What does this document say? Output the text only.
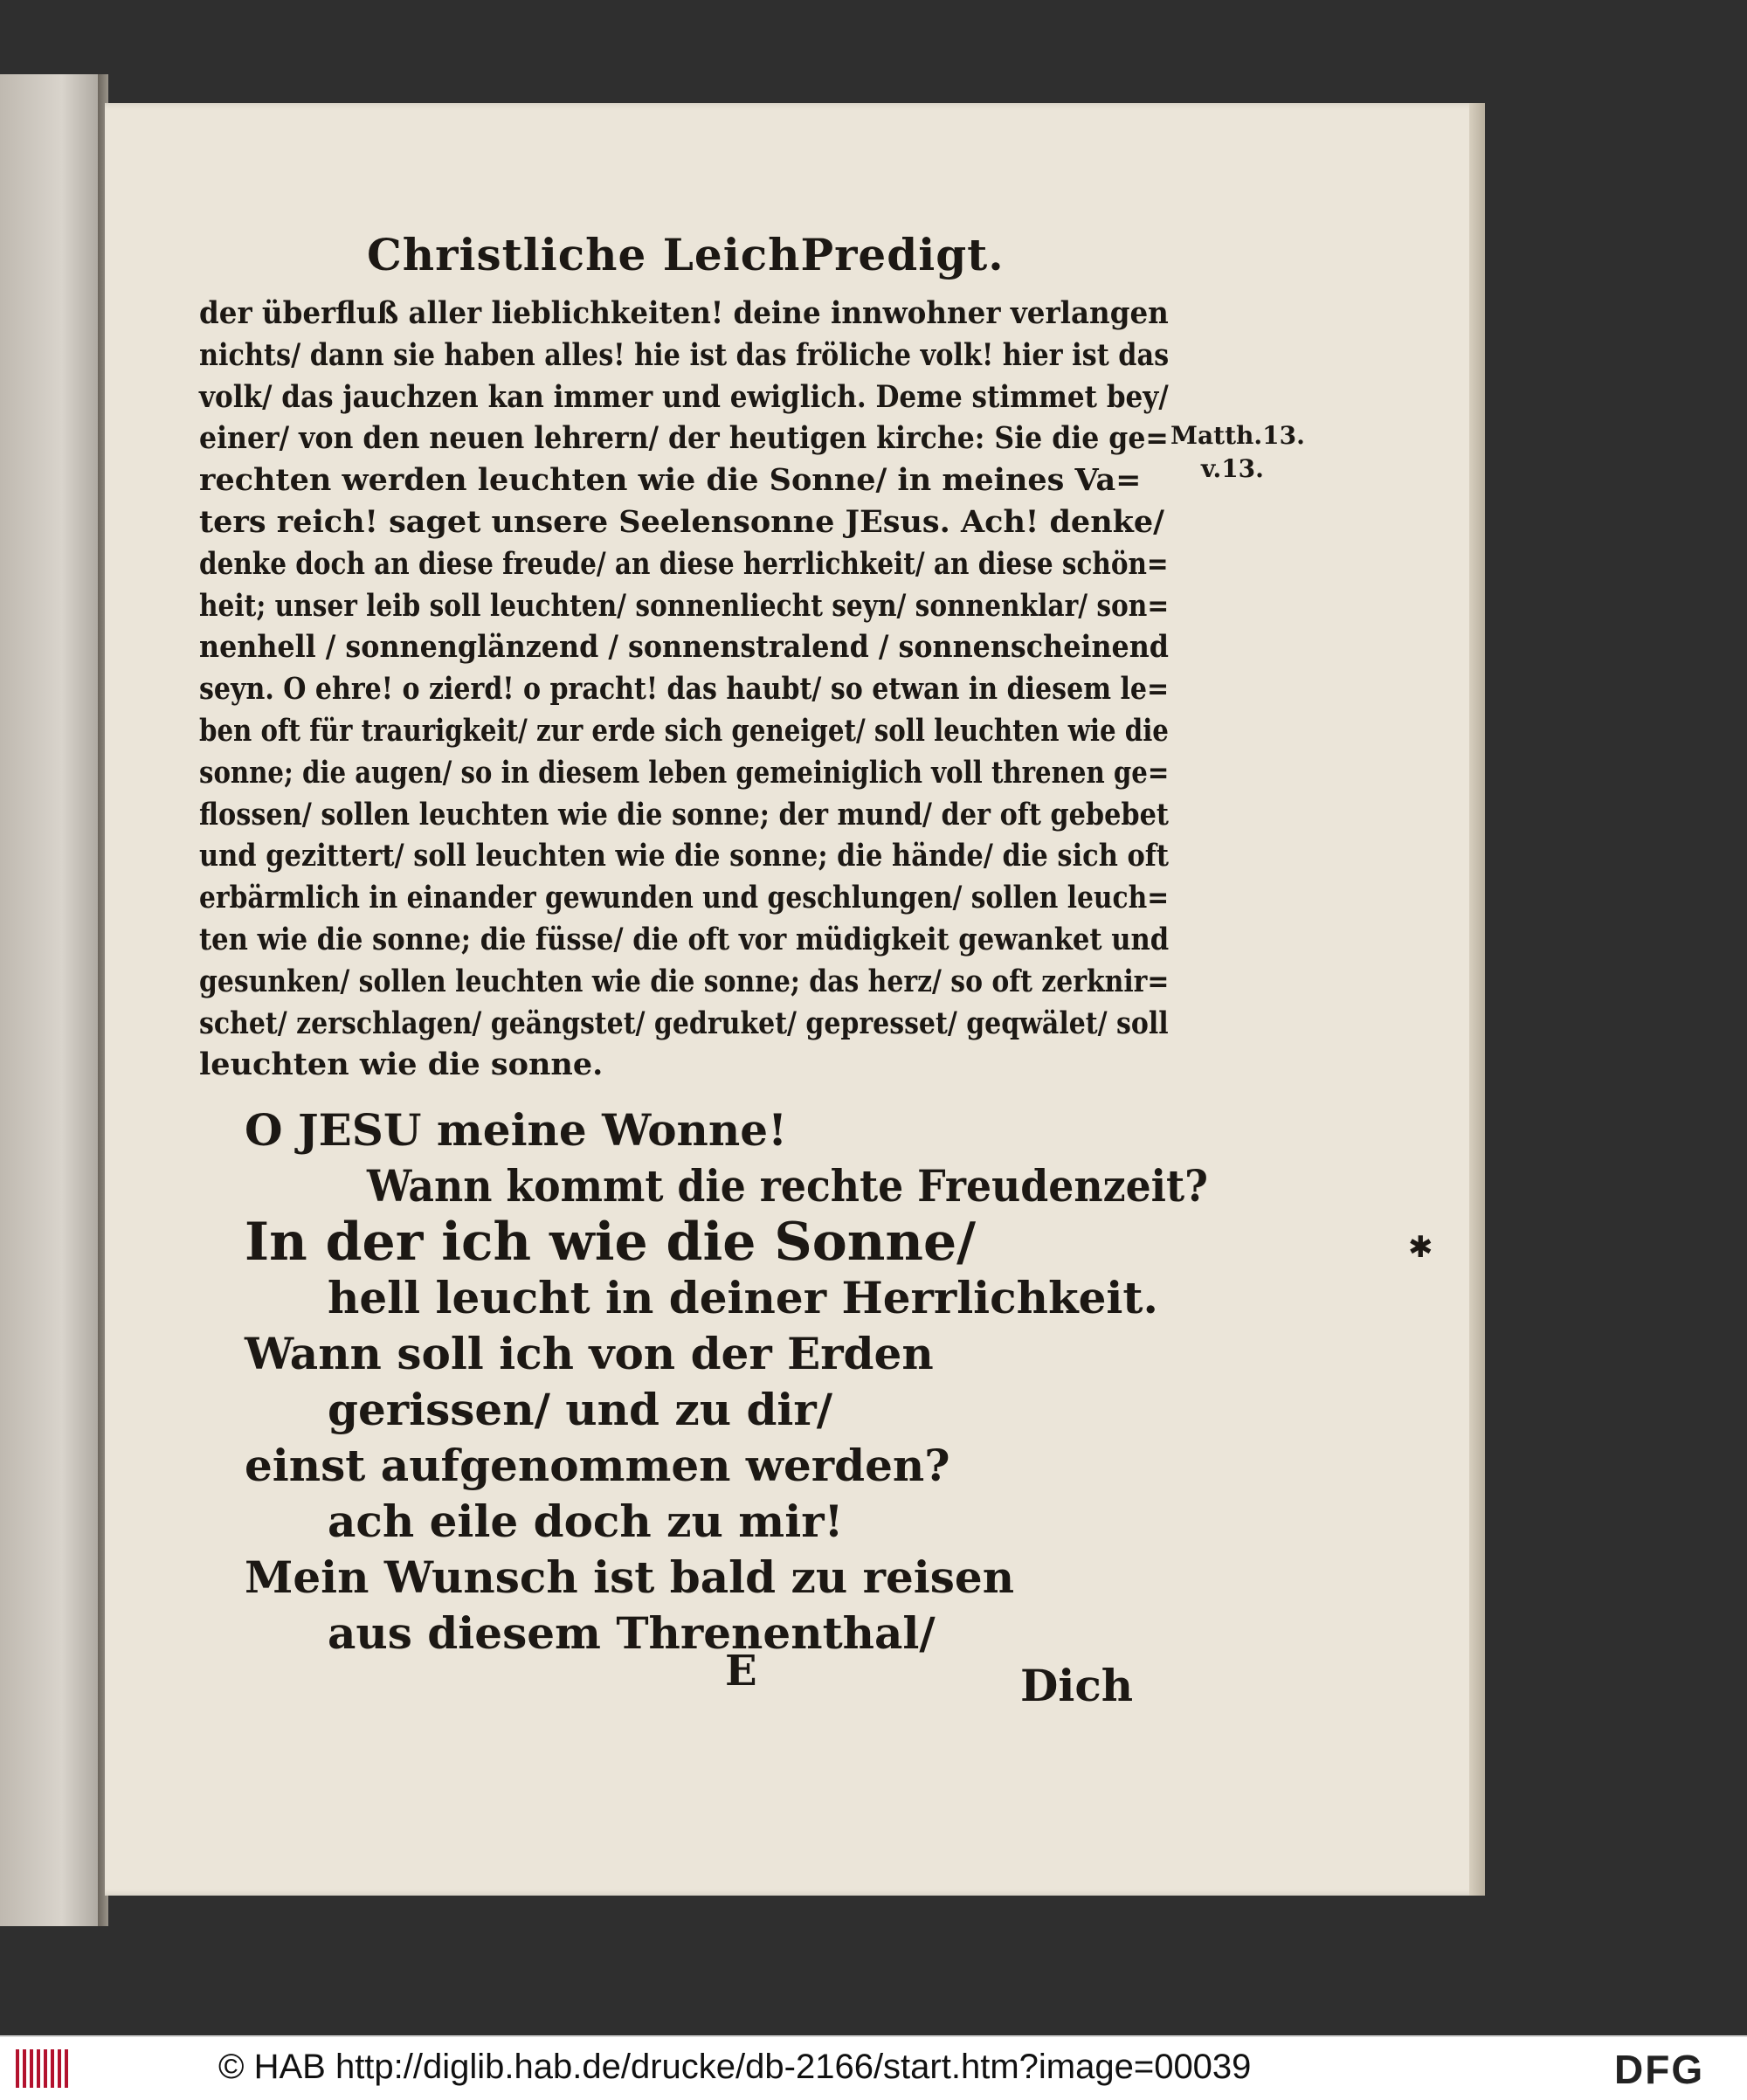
Christliche LeichPredigt.
der überfluß aller lieblichkeiten! deine innwohner verlangen
nichts/ dann sie haben alles! hie ist das fröliche volk! hier ist das
volk/ das jauchzen kan immer und ewiglich. Deme stimmet bey/
einer/ von den neuen lehrern/ der heutigen kirche: Sie die ge=
rechten werden leuchten wie die Sonne/ in meines Va=
ters reich! saget unsere Seelensonne JEsus. Ach! denke/
denke doch an diese freude/ an diese herrlichkeit/ an diese schön=
heit; unser leib soll leuchten/ sonnenliecht seyn/ sonnenklar/ son=
nenhell / sonnenglänzend / sonnenstralend / sonnenscheinend
seyn. O ehre! o zierd! o pracht! das haubt/ so etwan in diesem le=
ben oft für traurigkeit/ zur erde sich geneiget/ soll leuchten wie die
sonne; die augen/ so in diesem leben gemeiniglich voll threnen ge=
flossen/ sollen leuchten wie die sonne; der mund/ der oft gebebet
und gezittert/ soll leuchten wie die sonne; die hände/ die sich oft
erbärmlich in einander gewunden und geschlungen/ sollen leuch=
ten wie die sonne; die füsse/ die oft vor müdigkeit gewanket und
gesunken/ sollen leuchten wie die sonne; das herz/ so oft zerknir=
schet/ zerschlagen/ geängstet/ gedruket/ gepresset/ geqwälet/ soll
leuchten wie die sonne.
Matth.13.
v.13.
O JESU meine Wonne!
Wann kommt die rechte Freudenzeit?
In der ich wie die Sonne/
hell leucht in deiner Herrlichkeit.
Wann soll ich von der Erden
gerissen/ und zu dir/
einst aufgenommen werden?
ach eile doch zu mir!
Mein Wunsch ist bald zu reisen
aus diesem Threnenthal/
E	Dich
✱
© HAB http://diglib.hab.de/drucke/db-2166/start.htm?image=00039	DFG
